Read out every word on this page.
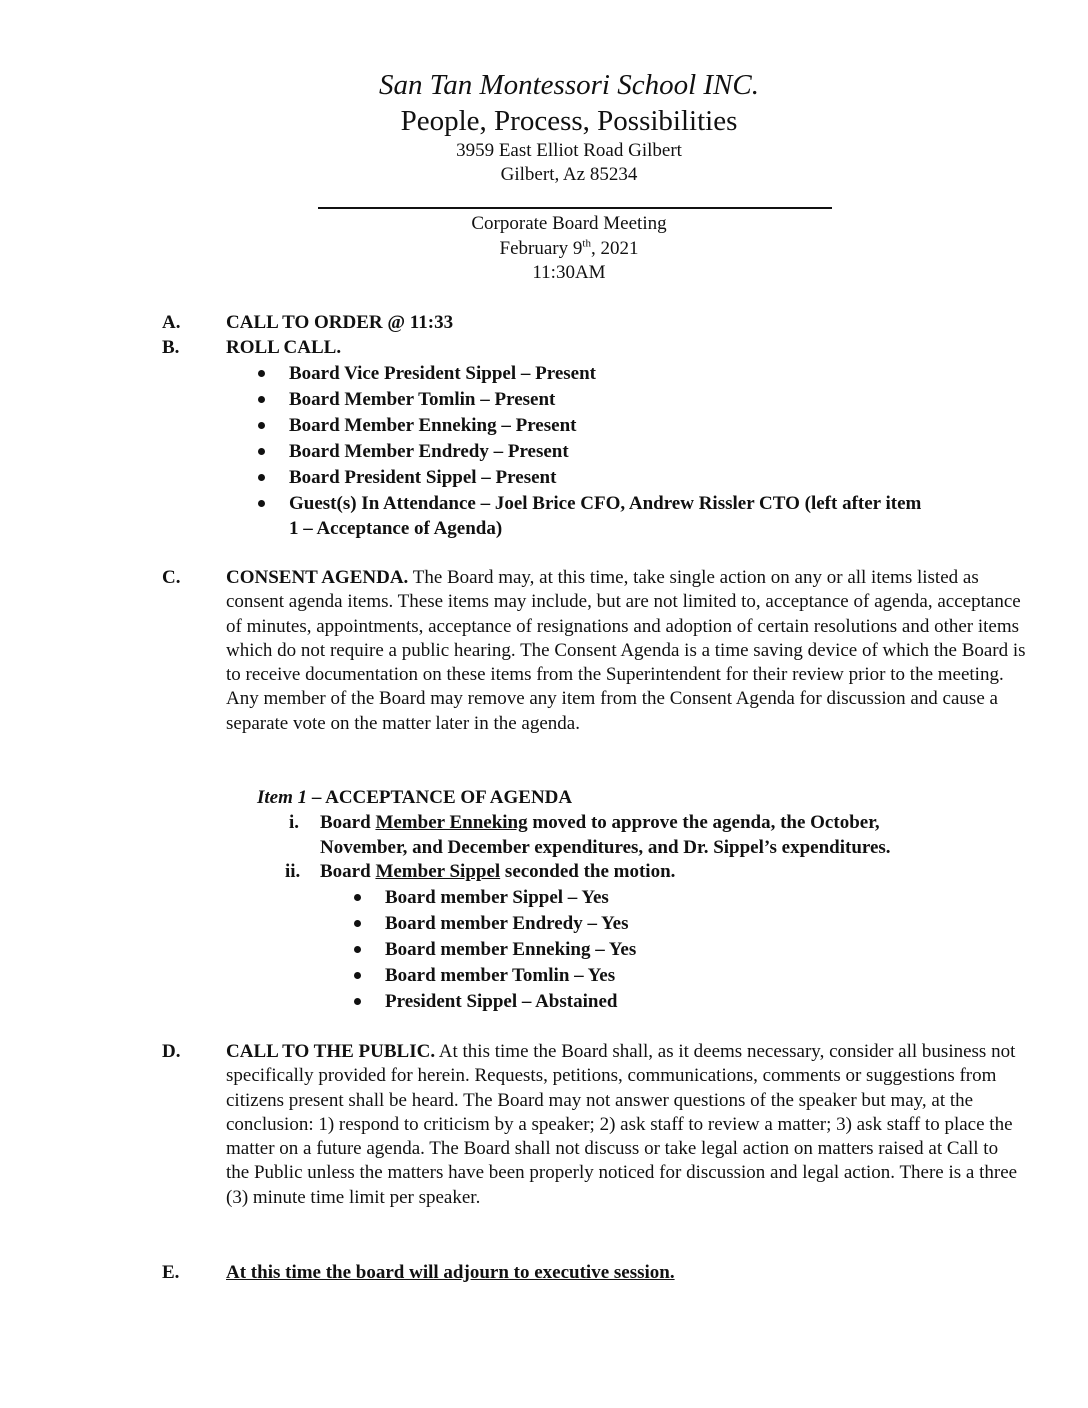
San Tan Montessori School INC.
People, Process, Possibilities
3959 East Elliot Road Gilbert
Gilbert, Az 85234
Corporate Board Meeting
February 9th, 2021
11:30AM
A. CALL TO ORDER @ 11:33
B. ROLL CALL.
Board Vice President Sippel – Present
Board Member Tomlin – Present
Board Member Enneking – Present
Board Member Endredy – Present
Board President Sippel – Present
Guest(s) In Attendance – Joel Brice CFO, Andrew Rissler CTO (left after item
1 – Acceptance of Agenda)
C. CONSENT AGENDA. The Board may, at this time, take single action on any or all items listed as consent agenda items. These items may include, but are not limited to, acceptance of agenda, acceptance of minutes, appointments, acceptance of resignations and adoption of certain resolutions and other items which do not require a public hearing. The Consent Agenda is a time saving device of which the Board is to receive documentation on these items from the Superintendent for their review prior to the meeting. Any member of the Board may remove any item from the Consent Agenda for discussion and cause a separate vote on the matter later in the agenda.
Item 1 – ACCEPTANCE OF AGENDA
i. Board Member Enneking moved to approve the agenda, the October,
November, and December expenditures, and Dr. Sippel’s expenditures.
ii. Board Member Sippel seconded the motion.
Board member Sippel – Yes
Board member Endredy – Yes
Board member Enneking – Yes
Board member Tomlin – Yes
President Sippel – Abstained
D. CALL TO THE PUBLIC. At this time the Board shall, as it deems necessary, consider all business not specifically provided for herein. Requests, petitions, communications, comments or suggestions from citizens present shall be heard. The Board may not answer questions of the speaker but may, at the conclusion: 1) respond to criticism by a speaker; 2) ask staff to review a matter; 3) ask staff to place the matter on a future agenda. The Board shall not discuss or take legal action on matters raised at Call to the Public unless the matters have been properly noticed for discussion and legal action. There is a three (3) minute time limit per speaker.
E. At this time the board will adjourn to executive session.
